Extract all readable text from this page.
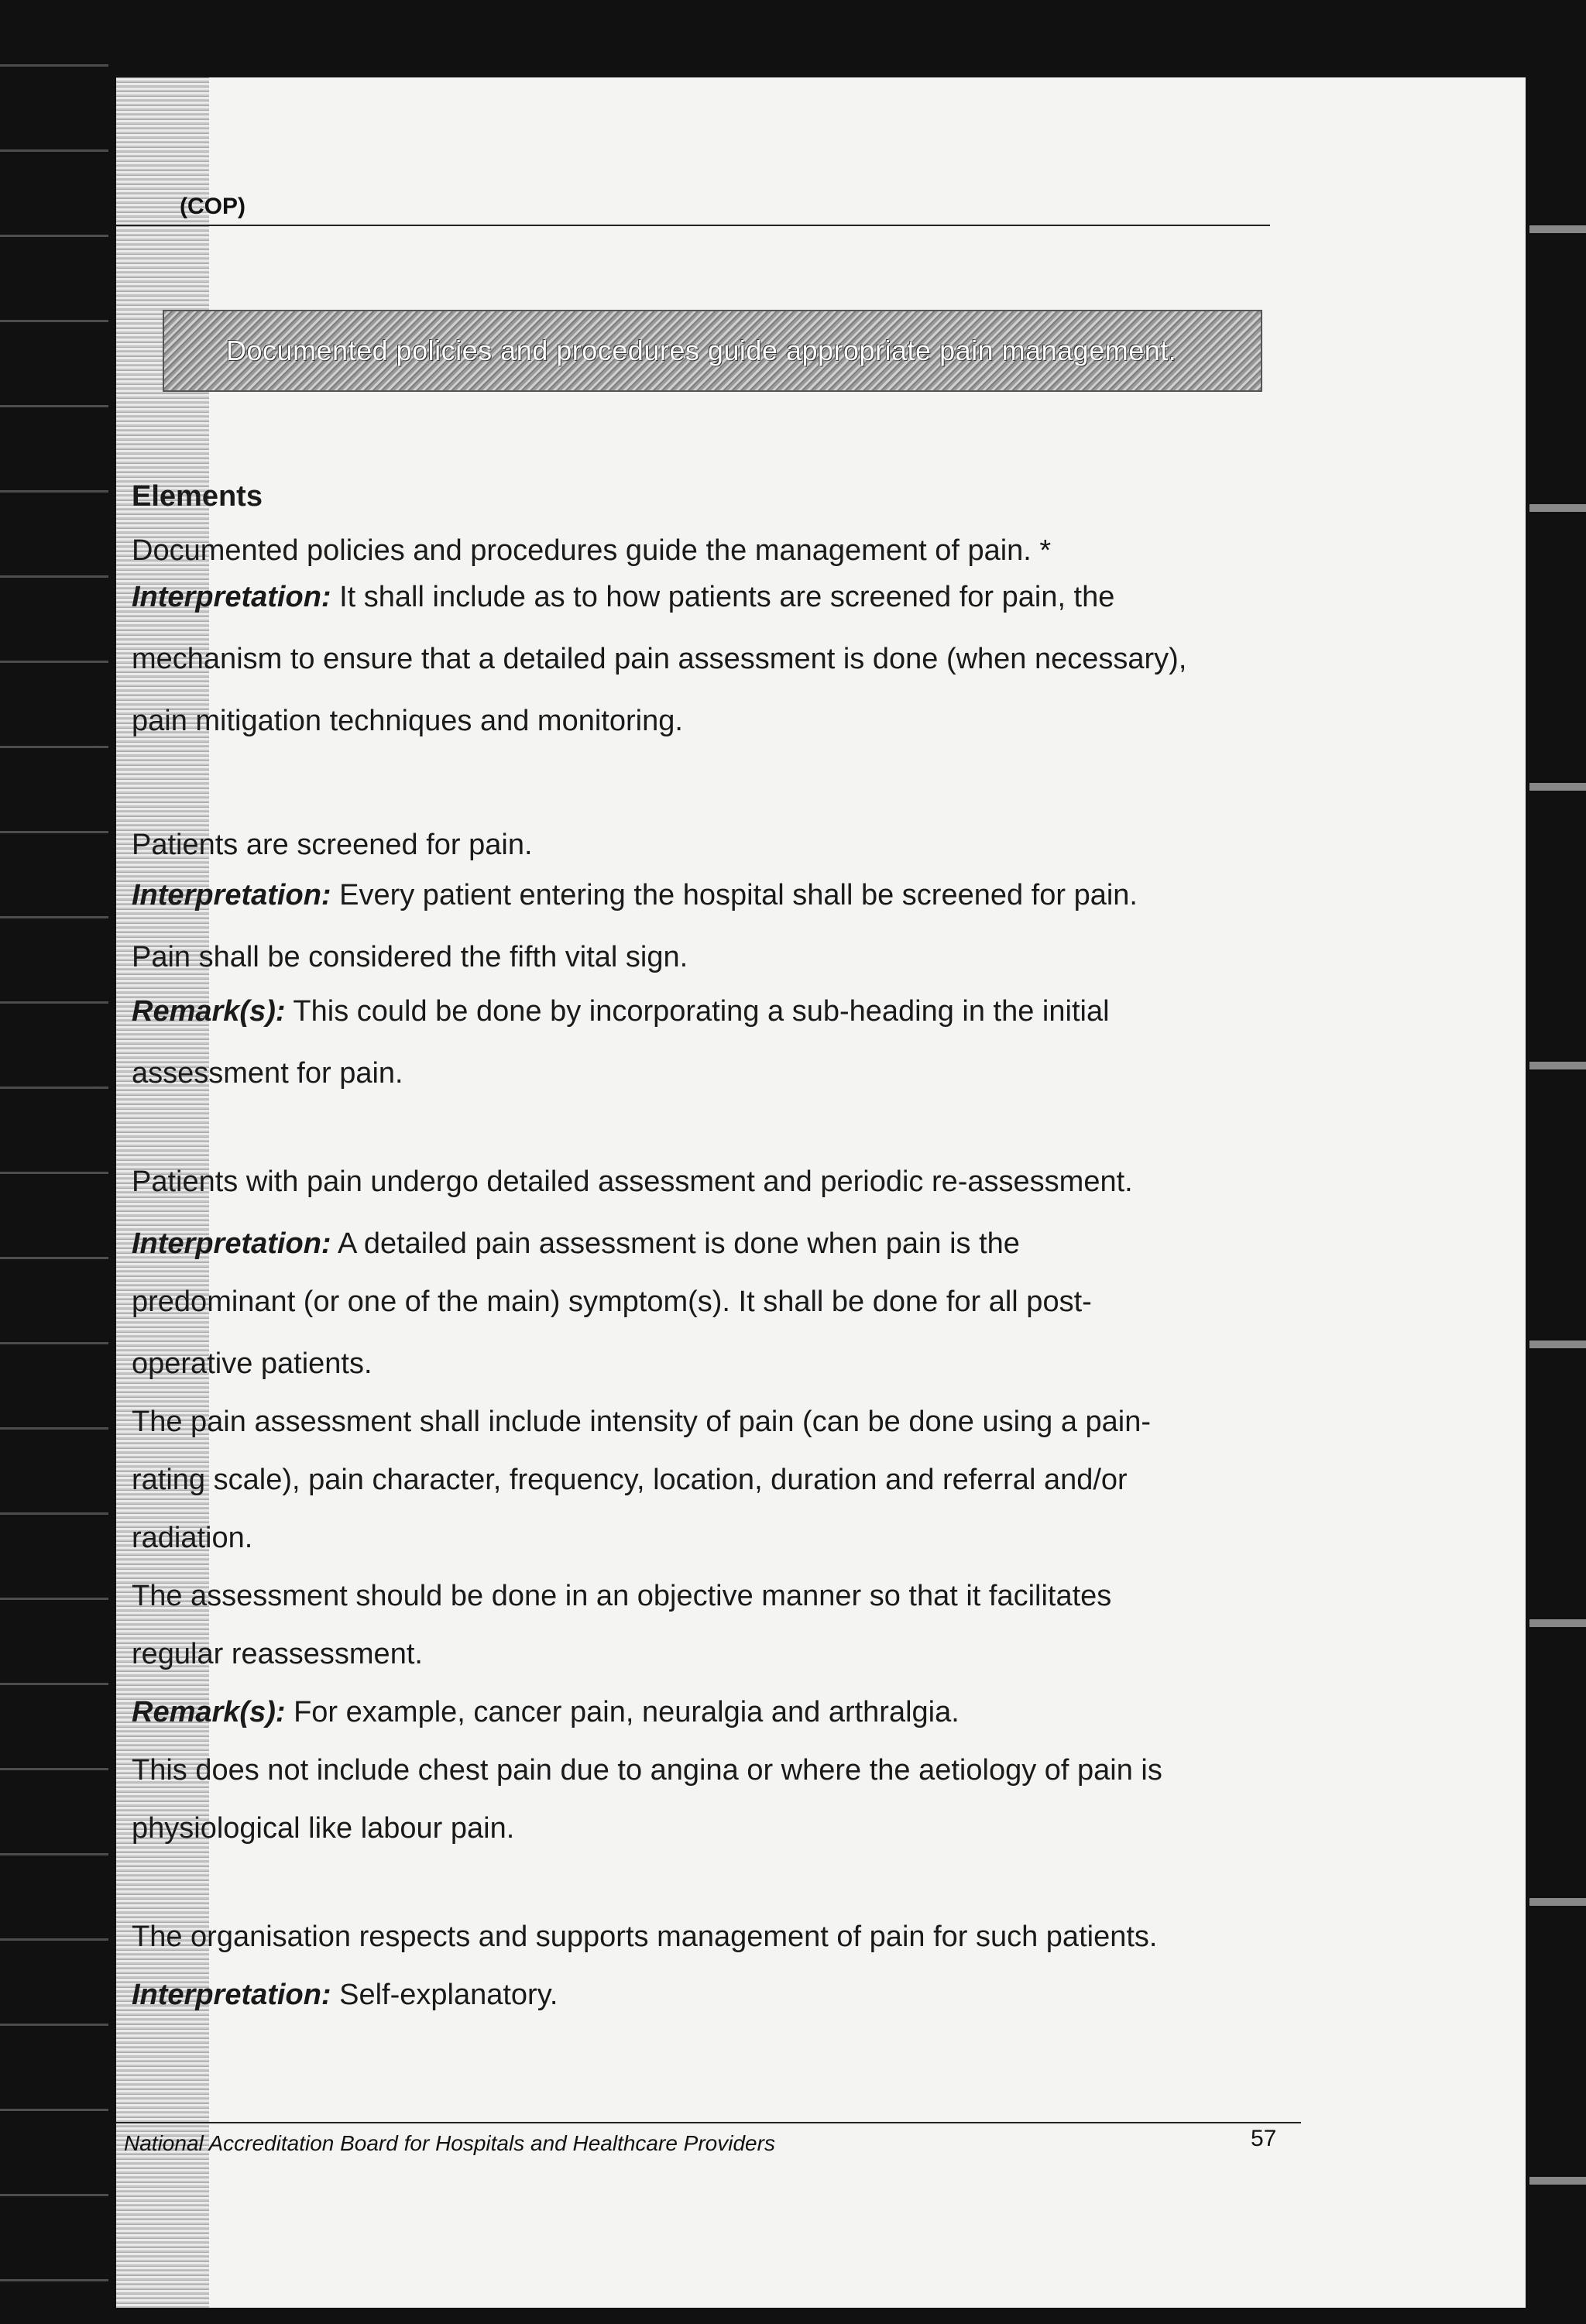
(COP)
Documented policies and procedures guide appropriate pain management.
Elements
Documented policies and procedures guide the management of pain. *
Interpretation: It shall include as to how patients are screened for pain, the
mechanism to ensure that a detailed pain assessment is done (when necessary),
pain mitigation techniques and monitoring.
Patients are screened for pain.
Interpretation: Every patient entering the hospital shall be screened for pain.
Pain shall be considered the fifth vital sign.
Remark(s): This could be done by incorporating a sub-heading in the initial
assessment for pain.
Patients with pain undergo detailed assessment and periodic re-assessment.
Interpretation: A detailed pain assessment is done when pain is the
predominant (or one of the main) symptom(s). It shall be done for all post-
operative patients.
The pain assessment shall include intensity of pain (can be done using a pain-
rating scale), pain character, frequency, location, duration and referral and/or
radiation.
The assessment should be done in an objective manner so that it facilitates
regular reassessment.
Remark(s): For example, cancer pain, neuralgia and arthralgia.
This does not include chest pain due to angina or where the aetiology of pain is
physiological like labour pain.
The organisation respects and supports management of pain for such patients.
Interpretation: Self-explanatory.
National Accreditation Board for Hospitals and Healthcare Providers	57
